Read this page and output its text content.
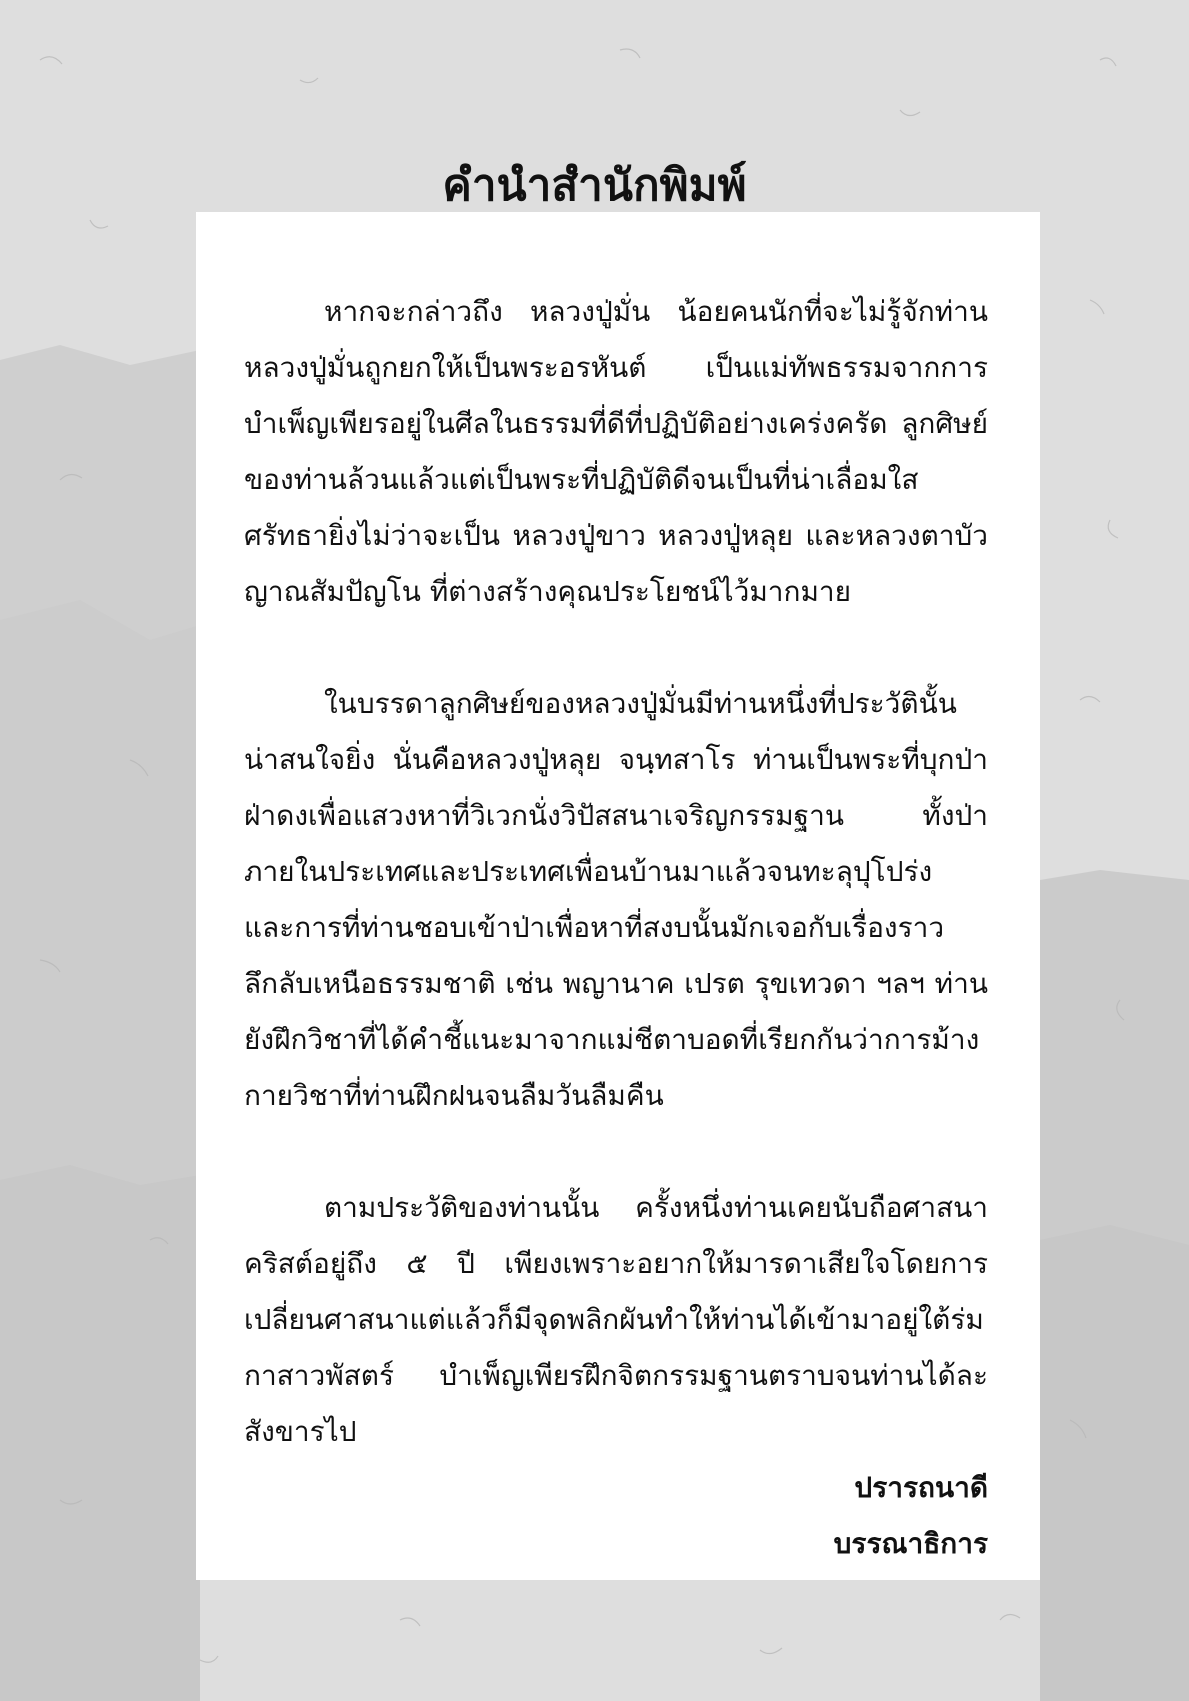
คำนำสำนักพิมพ์

หากจะกล่าวถึง หลวงปู่มั่น น้อยคนนักที่จะไม่รู้จักท่าน หลวงปู่มั่นถูกยกให้เป็นพระอรหันต์ เป็นแม่ทัพธรรมจากการบำเพ็ญเพียรอยู่ในศีลในธรรมที่ดีที่ปฏิบัติอย่างเคร่งครัด ลูกศิษย์ของท่านล้วนแล้วแต่เป็นพระที่ปฏิบัติดีจนเป็นที่น่าเลื่อมใสศรัทธายิ่งไม่ว่าจะเป็น หลวงปู่ขาว หลวงปู่หลุย และหลวงตาบัว ญาณสัมปัญโน ที่ต่างสร้างคุณประโยชน์ไว้มากมาย

ในบรรดาลูกศิษย์ของหลวงปู่มั่นมีท่านหนึ่งที่ประวัตินั้นน่าสนใจยิ่ง นั่นคือหลวงปู่หลุย จนฺทสาโร ท่านเป็นพระที่บุกป่าฝ่าดงเพื่อแสวงหาที่วิเวกนั่งวิปัสสนาเจริญกรรมฐาน ทั้งป่าภายในประเทศและประเทศเพื่อนบ้านมาแล้วจนทะลุปุโปร่ง และการที่ท่านชอบเข้าป่าเพื่อหาที่สงบนั้นมักเจอกับเรื่องราวลึกลับเหนือธรรมชาติ เช่น พญานาค เปรต รุขเทวดา ฯลฯ ท่านยังฝึกวิชาที่ได้คำชี้แนะมาจากแม่ชีตาบอดที่เรียกกันว่าการม้างกายวิชาที่ท่านฝึกฝนจนลืมวันลืมคืน

ตามประวัติของท่านนั้น ครั้งหนึ่งท่านเคยนับถือศาสนาคริสต์อยู่ถึง ๕ ปี เพียงเพราะอยากให้มารดาเสียใจโดยการเปลี่ยนศาสนาแต่แล้วก็มีจุดพลิกผันทำให้ท่านได้เข้ามาอยู่ใต้ร่มกาสาวพัสตร์ บำเพ็ญเพียรฝึกจิตกรรมฐานตราบจนท่านได้ละสังขารไป

ปรารถนาดี

บรรณาธิการ
